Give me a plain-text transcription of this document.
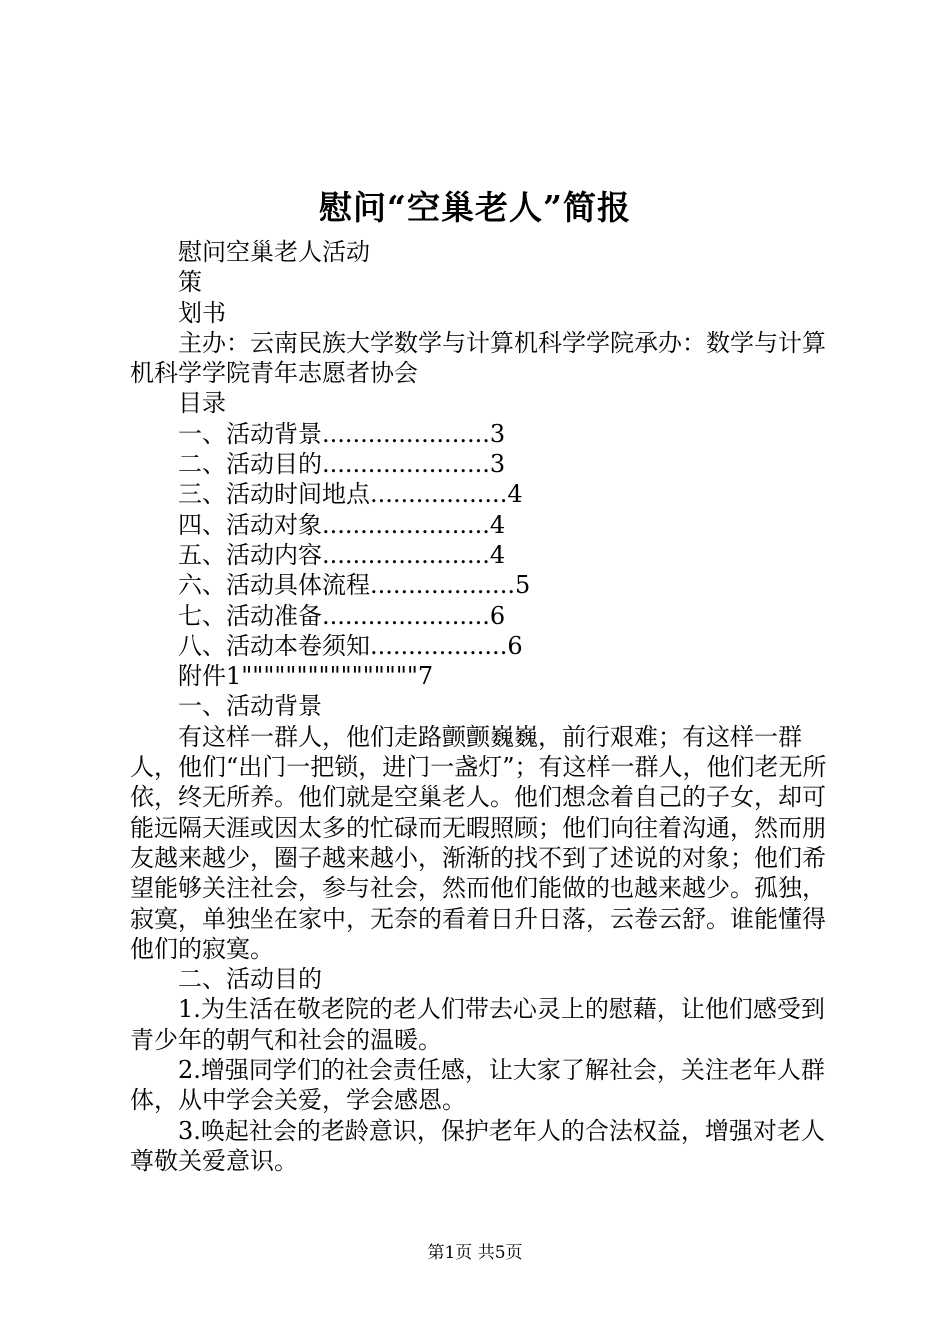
慰问“空巢老人”简报

慰问空巢老人活动

策

划书

主办：云南民族大学数学与计算机科学学院承办：数学与计算机科学学院青年志愿者协会

目录

一、活动背景......................3

二、活动目的......................3

三、活动时间地点..................4

四、活动对象......................4

五、活动内容......................4

六、活动具体流程...................5

七、活动准备......................6

八、活动本卷须知..................6

附件1""""""""""""""""7

一、活动背景

有这样一群人，他们走路颤颤巍巍，前行艰难；有这样一群人，他们“出门一把锁，进门一盏灯”；有这样一群人，他们老无所依，终无所养。他们就是空巢老人。他们想念着自己的子女，却可能远隔天涯或因太多的忙碌而无暇照顾；他们向往着沟通，然而朋友越来越少，圈子越来越小，渐渐的找不到了述说的对象；他们希望能够关注社会，参与社会，然而他们能做的也越来越少。孤独，寂寞，单独坐在家中，无奈的看着日升日落，云卷云舒。谁能懂得他们的寂寞。

二、活动目的

1.为生活在敬老院的老人们带去心灵上的慰藉，让他们感受到青少年的朝气和社会的温暖。

2.增强同学们的社会责任感，让大家了解社会，关注老年人群体，从中学会关爱，学会感恩。

3.唤起社会的老龄意识，保护老年人的合法权益，增强对老人尊敬关爱意识。

第1页 共5页
